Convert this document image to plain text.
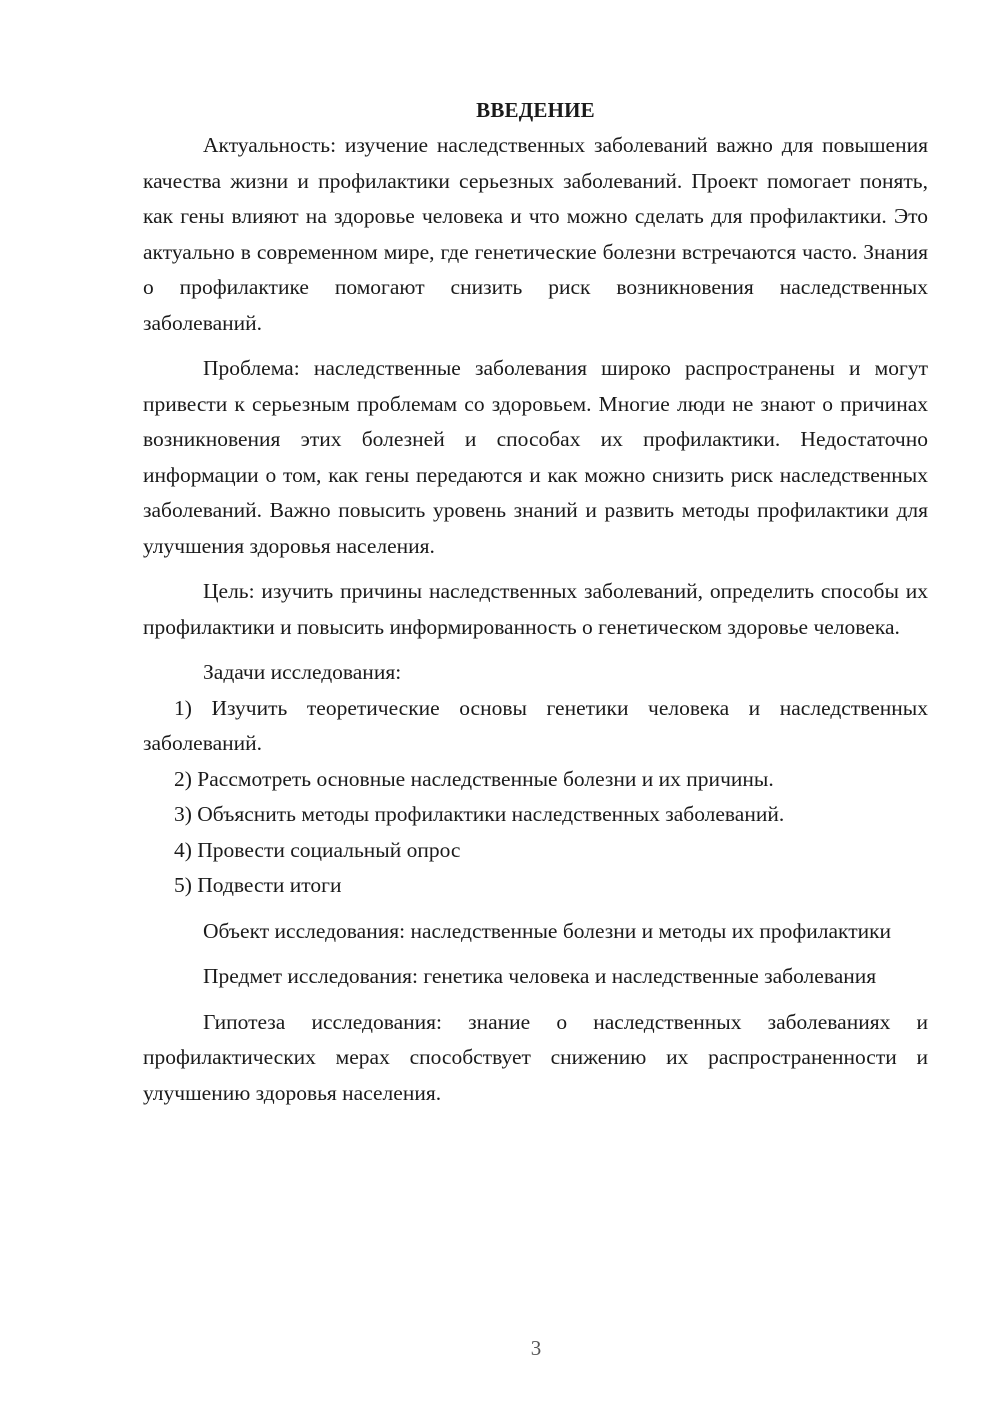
ВВЕДЕНИЕ

Актуальность: изучение наследственных заболеваний важно для повышения качества жизни и профилактики серьезных заболеваний. Проект помогает понять, как гены влияют на здоровье человека и что можно сделать для профилактики. Это актуально в современном мире, где генетические болезни встречаются часто. Знания о профилактике помогают снизить риск возникновения наследственных заболеваний.

Проблема: наследственные заболевания широко распространены и могут привести к серьезным проблемам со здоровьем. Многие люди не знают о причинах возникновения этих болезней и способах их профилактики. Недостаточно информации о том, как гены передаются и как можно снизить риск наследственных заболеваний. Важно повысить уровень знаний и развить методы профилактики для улучшения здоровья населения.

Цель: изучить причины наследственных заболеваний, определить способы их профилактики и повысить информированность о генетическом здоровье человека.

Задачи исследования:

1) Изучить теоретические основы генетики человека и наследственных заболеваний.

2) Рассмотреть основные наследственные болезни и их причины.

3) Объяснить методы профилактики наследственных заболеваний.

4) Провести социальный опрос

5) Подвести итоги

Объект исследования: наследственные болезни и методы их профилактики

Предмет исследования: генетика человека и наследственные заболевания

Гипотеза исследования: знание о наследственных заболеваниях и профилактических мерах способствует снижению их распространенности и улучшению здоровья населения.

3
